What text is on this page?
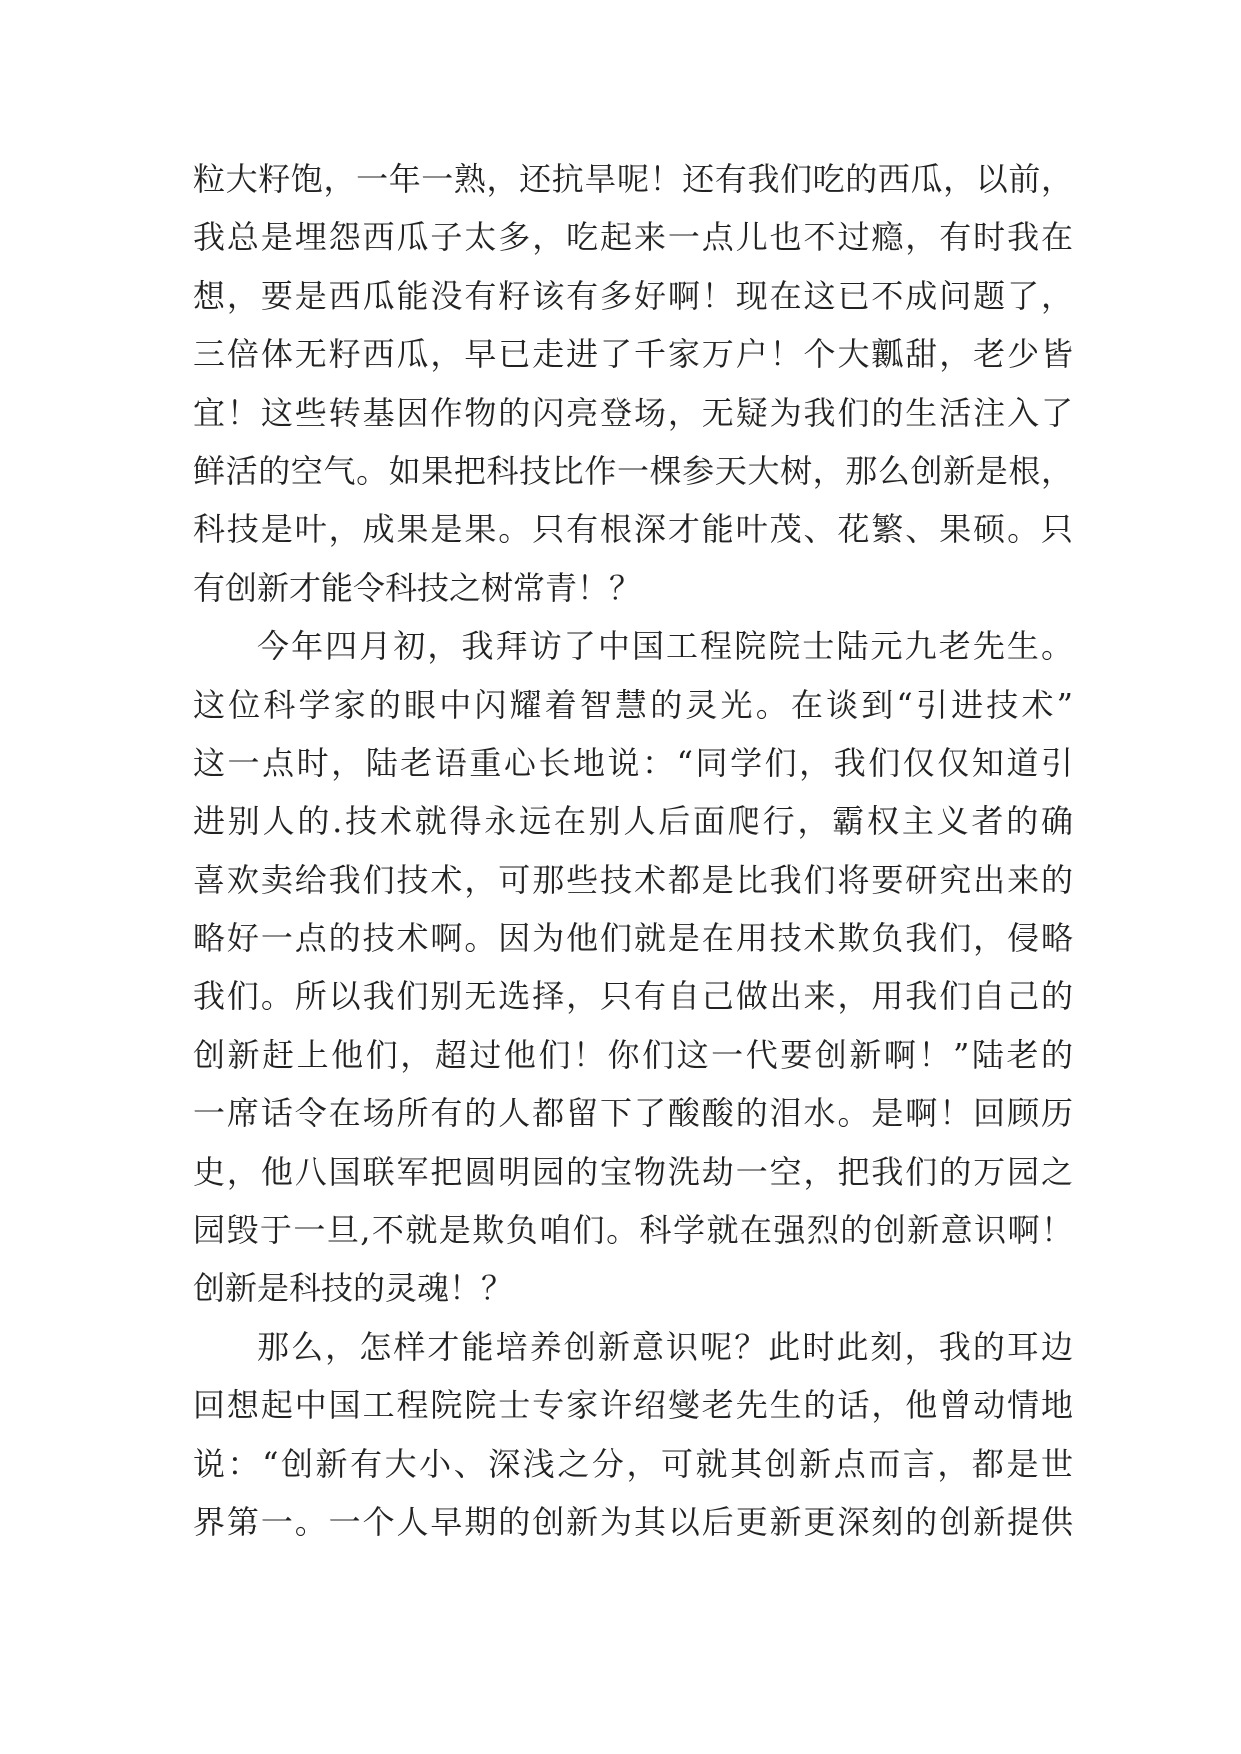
粒大籽饱，一年一熟，还抗旱呢！还有我们吃的西瓜，以前，
我总是埋怨西瓜子太多，吃起来一点儿也不过瘾，有时我在
想，要是西瓜能没有籽该有多好啊！现在这已不成问题了，
三倍体无籽西瓜，早已走进了千家万户！个大瓤甜，老少皆
宜！这些转基因作物的闪亮登场，无疑为我们的生活注入了
鲜活的空气。如果把科技比作一棵参天大树，那么创新是根，
科技是叶，成果是果。只有根深才能叶茂、花繁、果硕。只
有创新才能令科技之树常青！？
今年四月初，我拜访了中国工程院院士陆元九老先生。
这位科学家的眼中闪耀着智慧的灵光。在谈到“引进技术”
这一点时，陆老语重心长地说：“同学们，我们仅仅知道引
进别人的.技术就得永远在别人后面爬行，霸权主义者的确
喜欢卖给我们技术，可那些技术都是比我们将要研究出来的
略好一点的技术啊。因为他们就是在用技术欺负我们，侵略
我们。所以我们别无选择，只有自己做出来，用我们自己的
创新赶上他们，超过他们！你们这一代要创新啊！”陆老的
一席话令在场所有的人都留下了酸酸的泪水。是啊！回顾历
史，他八国联军把圆明园的宝物洗劫一空，把我们的万园之
园毁于一旦,不就是欺负咱们。科学就在强烈的创新意识啊！
创新是科技的灵魂！？
那么，怎样才能培养创新意识呢？此时此刻，我的耳边
回想起中国工程院院士专家许绍燮老先生的话，他曾动情地
说：“创新有大小、深浅之分，可就其创新点而言，都是世
界第一。一个人早期的创新为其以后更新更深刻的创新提供
